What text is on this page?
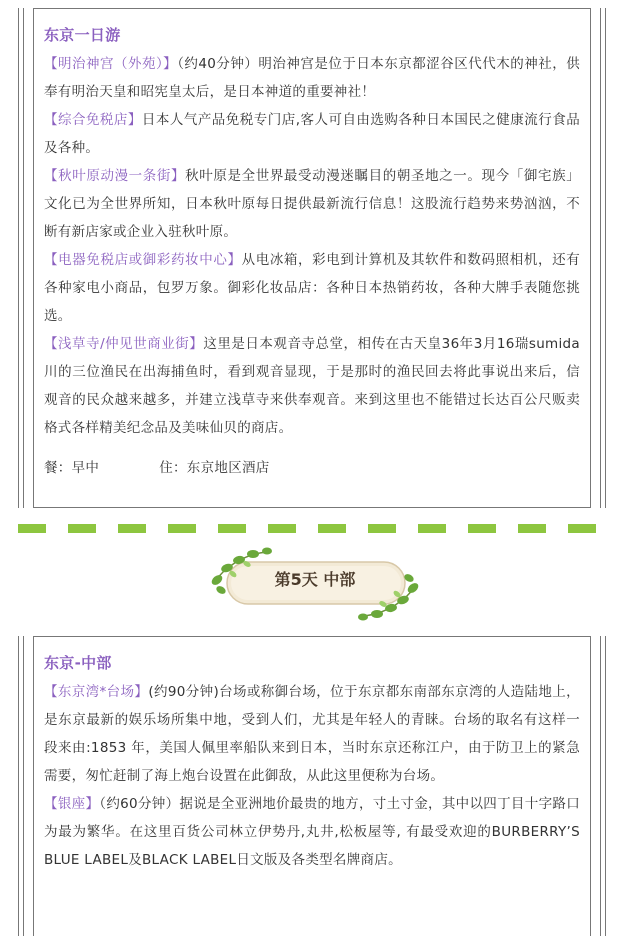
东京一日游
【明治神宫（外苑）】（约40分钟）明治神宫是位于日本东京都涩谷区代代木的神社，供奉有明治天皇和昭宪皇太后，是日本神道的重要神社！
【综合免税店】日本人气产品免税专门店,客人可自由选购各种日本国民之健康流行食品及各种。
【秋叶原动漫一条街】秋叶原是全世界最受动漫迷瞩目的朝圣地之一。现今「御宅族」文化已为全世界所知，日本秋叶原每日提供最新流行信息！这股流行趋势来势汹汹，不断有新店家或企业入驻秋叶原。
【电器免税店或御彩药妆中心】从电冰箱，彩电到计算机及其软件和数码照相机，还有各种家电小商品，包罗万象。御彩化妆品店：各种日本热销药妆，各种大牌手表随您挑选。
【浅草寺/仲见世商业街】这里是日本观音寺总堂，相传在古天皇36年3月16瑞sumida川的三位渔民在出海捕鱼时，看到观音显现，于是那时的渔民回去将此事说出来后，信观音的民众越来越多，并建立浅草寺来供奉观音。来到这里也不能错过长达百公尺贩卖格式各样精美纪念品及美味仙贝的商店。
餐：早中	住：东京地区酒店
第5天 中部
东京-中部
【东京湾*台场】(约90分钟)台场或称御台场，位于东京都东南部东京湾的人造陆地上，是东京最新的娱乐场所集中地，受到人们，尤其是年轻人的青睐。台场的取名有这样一段来由:1853 年，美国人佩里率船队来到日本，当时东京还称江户，由于防卫上的紧急需要，匆忙赶制了海上炮台设置在此御敌，从此这里便称为台场。
【银座】（约60分钟）据说是全亚洲地价最贵的地方，寸土寸金，其中以四丁目十字路口为最为繁华。在这里百货公司林立伊势丹,丸井,松板屋等, 有最受欢迎的BURBERRY’S BLUE LABEL及BLACK LABEL日文版及各类型名牌商店。
